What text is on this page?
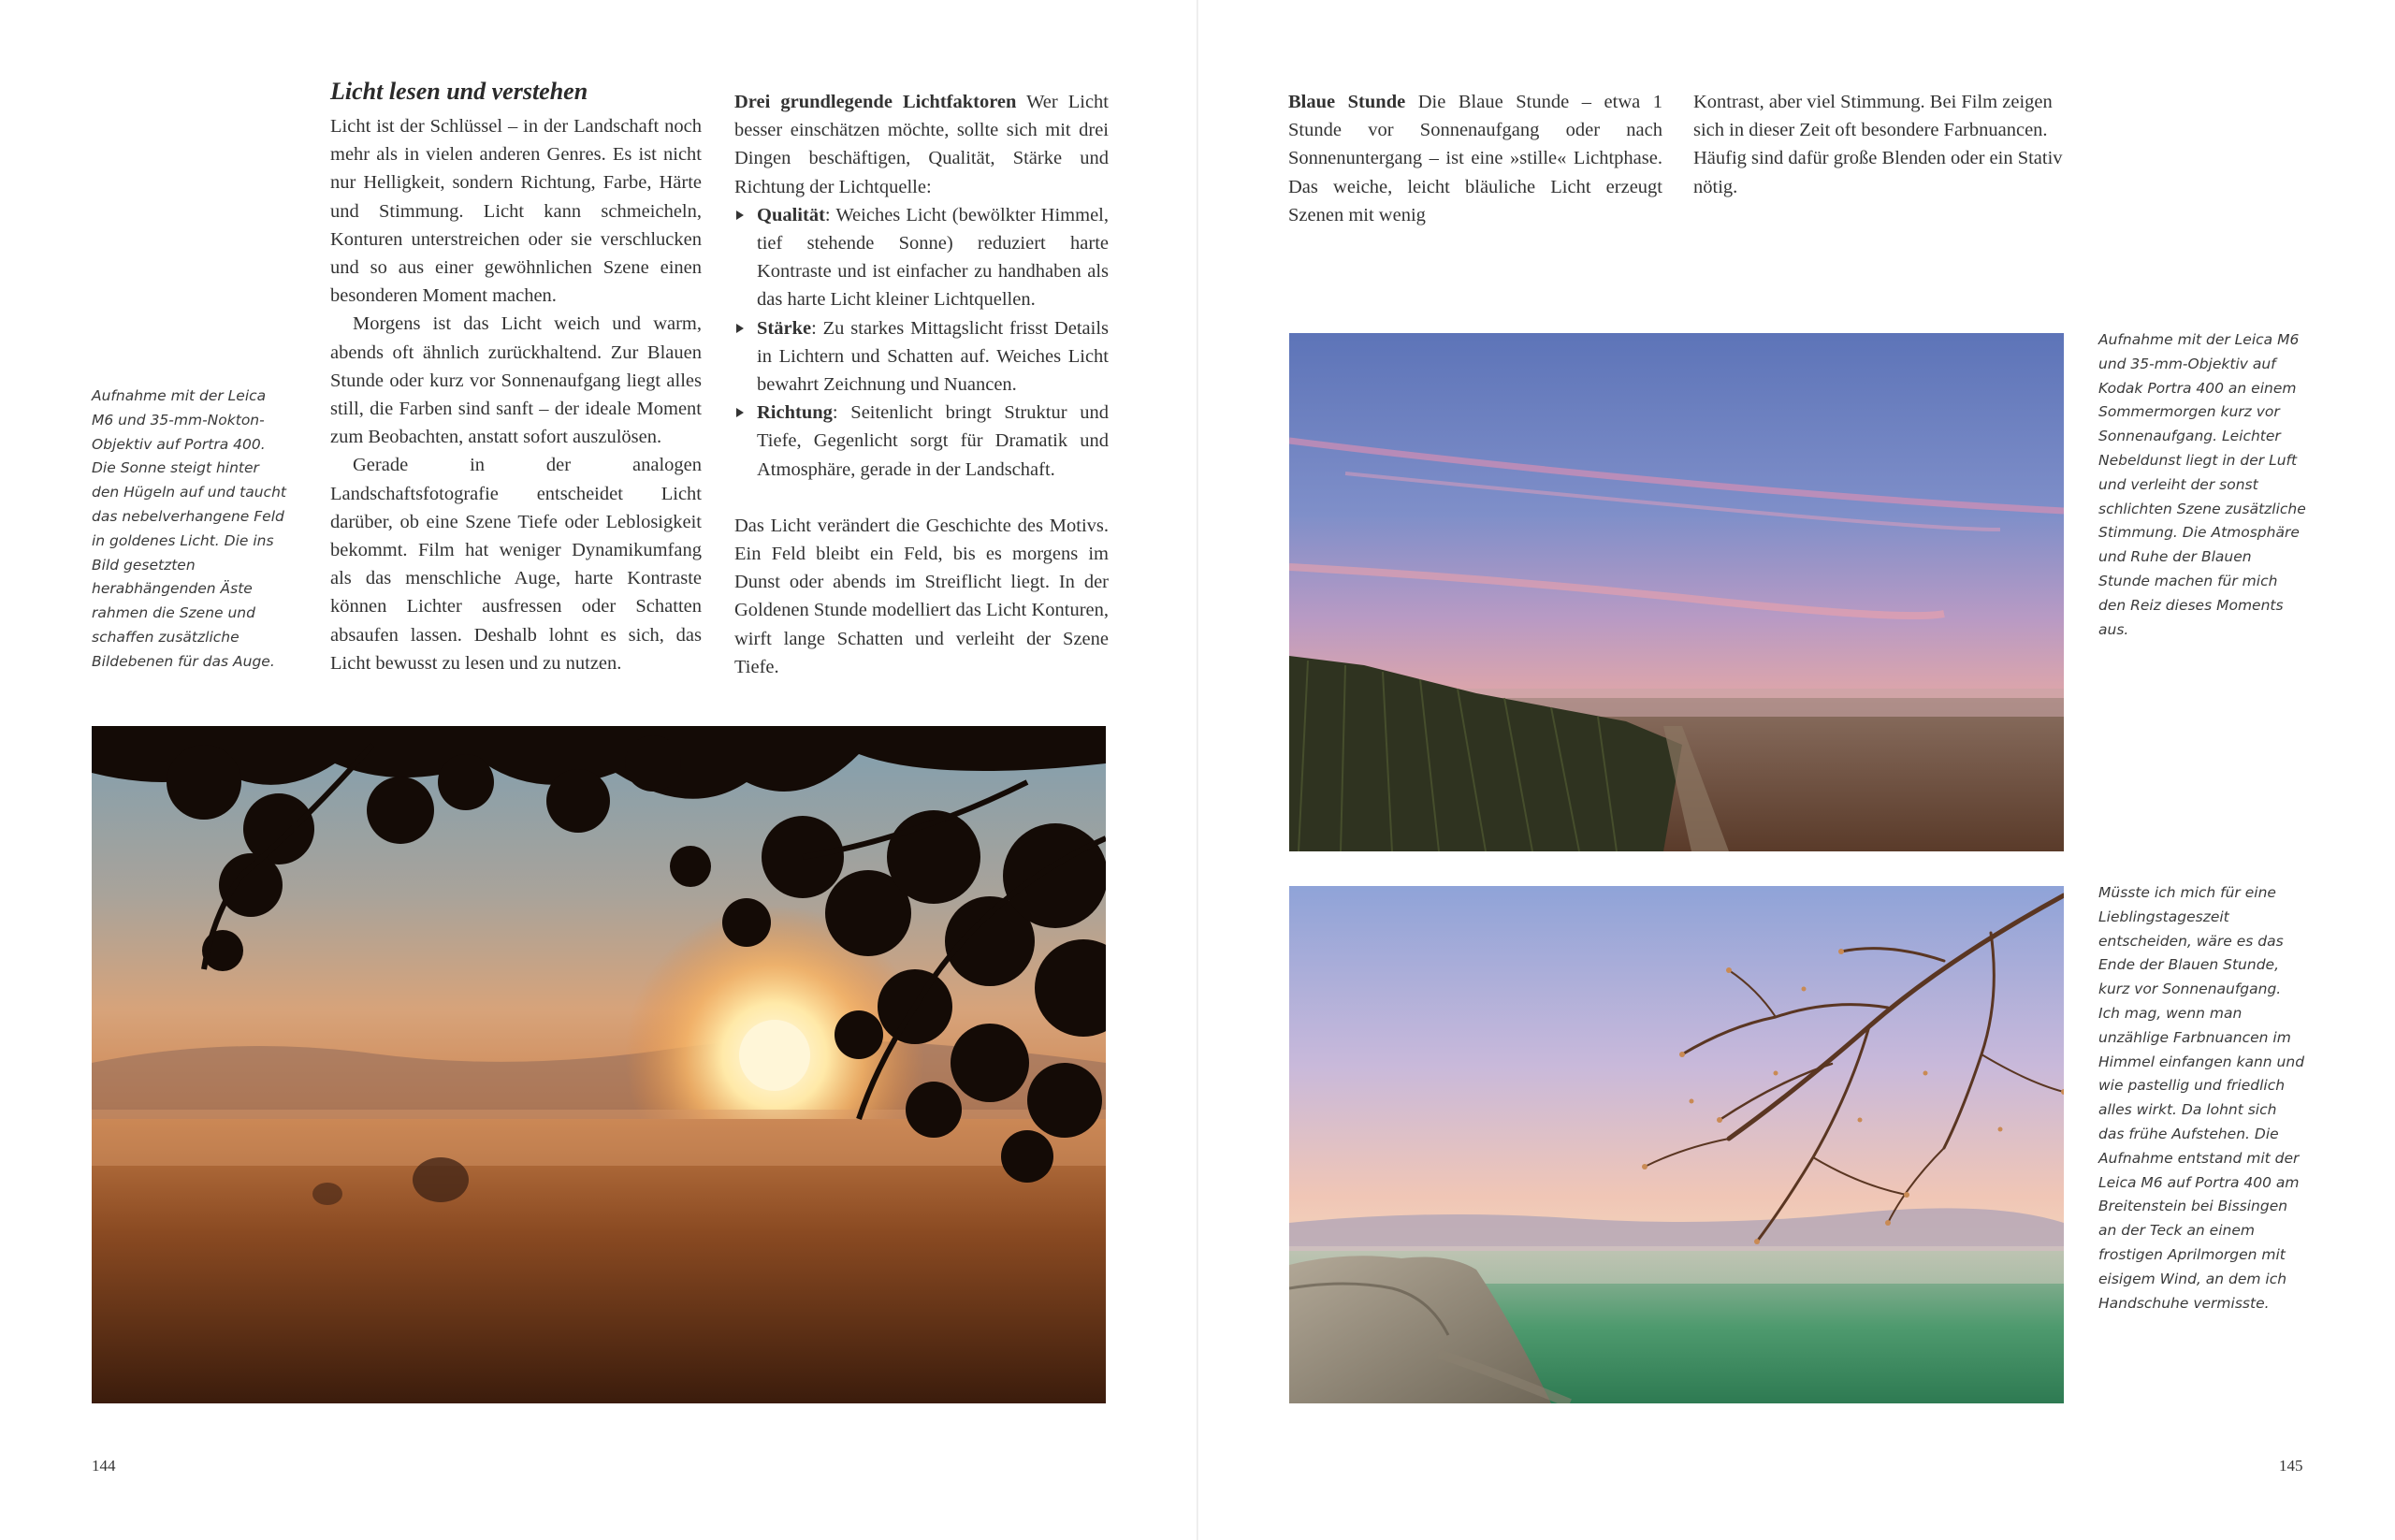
Aufnahme mit der Leica M6 und 35-mm-Nokton-Objektiv auf Portra 400. Die Sonne steigt hinter den Hügeln auf und taucht das nebelverhangene Feld in goldenes Licht. Die ins Bild gesetzten herabhängenden Äste rahmen die Szene und schaffen zusätzliche Bildebenen für das Auge.
Licht lesen und verstehen

Licht ist der Schlüssel – in der Landschaft noch mehr als in vielen anderen Genres. Es ist nicht nur Helligkeit, sondern Richtung, Farbe, Härte und Stimmung. Licht kann schmeicheln, Konturen unterstreichen oder sie verschlucken und so aus einer gewöhnlichen Szene einen besonderen Moment machen.

Morgens ist das Licht weich und warm, abends oft ähnlich zurückhaltend. Zur Blauen Stunde oder kurz vor Sonnenaufgang liegt alles still, die Farben sind sanft – der ideale Moment zum Beobachten, anstatt sofort auszulösen.

Gerade in der analogen Landschaftsfotografie entscheidet Licht darüber, ob eine Szene Tiefe oder Leblosigkeit bekommt. Film hat weniger Dynamikumfang als das menschliche Auge, harte Kontraste können Lichter ausfressen oder Schatten absaufen lassen. Deshalb lohnt es sich, das Licht bewusst zu lesen und zu nutzen.

Drei grundlegende Lichtfaktoren Wer Licht besser einschätzen möchte, sollte sich mit drei Dingen beschäftigen, Qualität, Stärke und Richtung der Lichtquelle:

Qualität: Weiches Licht (bewölkter Himmel, tief stehende Sonne) reduziert harte Kontraste und ist einfacher zu handhaben als das harte Licht kleiner Lichtquellen.
Stärke: Zu starkes Mittagslicht frisst Details in Lichtern und Schatten auf. Weiches Licht bewahrt Zeichnung und Nuancen.
Richtung: Seitenlicht bringt Struktur und Tiefe, Gegenlicht sorgt für Dramatik und Atmosphäre, gerade in der Landschaft.

Das Licht verändert die Geschichte des Motivs. Ein Feld bleibt ein Feld, bis es morgens im Dunst oder abends im Streiflicht liegt. In der Goldenen Stunde modelliert das Licht Konturen, wirft lange Schatten und verleiht der Szene Tiefe.

144

Blaue Stunde Die Blaue Stunde – etwa 1 Stunde vor Sonnenaufgang oder nach Sonnenuntergang – ist eine »stille« Lichtphase. Das weiche, leicht bläuliche Licht erzeugt Szenen mit wenig

Kontrast, aber viel Stimmung. Bei Film zeigen sich in dieser Zeit oft besondere Farbnuancen. Häufig sind dafür große Blenden oder ein Stativ nötig.

Aufnahme mit der Leica M6 und 35-mm-Objektiv auf Kodak Portra 400 an einem Sommermorgen kurz vor Sonnenaufgang. Leichter Nebeldunst liegt in der Luft und verleiht der sonst schlichten Szene zusätzliche Stimmung. Die Atmosphäre und Ruhe der Blauen Stunde machen für mich den Reiz dieses Moments aus.
Müsste ich mich für eine Lieblingstageszeit entscheiden, wäre es das Ende der Blauen Stunde, kurz vor Sonnenaufgang. Ich mag, wenn man unzählige Farbnuancen im Himmel einfangen kann und wie pastellig und friedlich alles wirkt. Da lohnt sich das frühe Aufstehen. Die Aufnahme entstand mit der Leica M6 auf Portra 400 am Breitenstein bei Bissingen an der Teck an einem frostigen Aprilmorgen mit eisigem Wind, an dem ich Handschuhe vermisste.
145
